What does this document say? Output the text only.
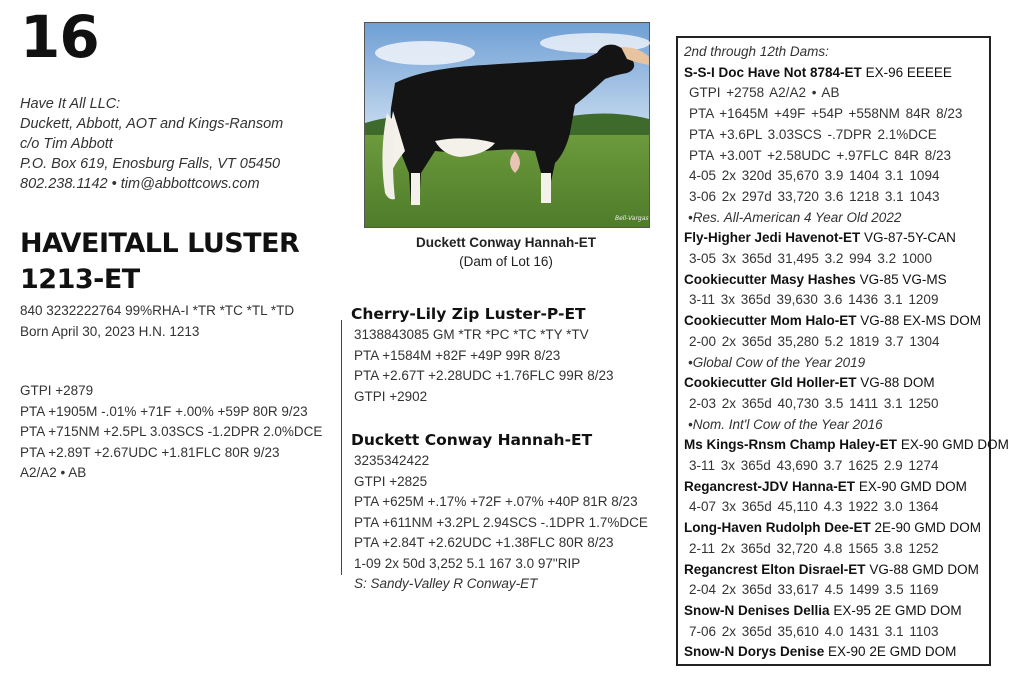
16
Have It All LLC:
Duckett, Abbott, AOT and Kings-Ransom
c/o Tim Abbott
P.O. Box 619, Enosburg Falls, VT 05450
802.238.1142 • tim@abbottcows.com
HAVEITALL LUSTER
1213-ET
840 3232222764 99%RHA-I *TR *TC *TL *TD
Born April 30, 2023 H.N. 1213
GTPI +2879
PTA +1905M -.01% +71F +.00% +59P 80R 9/23
PTA +715NM +2.5PL 3.03SCS -1.2DPR 2.0%DCE
PTA +2.89T +2.67UDC +1.81FLC 80R 9/23
A2/A2 • AB
Bell-Vargas
Duckett Conway Hannah-ET
(Dam of Lot 16)
Cherry-Lily Zip Luster-P-ET
3138843085 GM *TR *PC *TC *TY *TV
PTA +1584M +82F +49P 99R 8/23
PTA +2.67T +2.28UDC +1.76FLC 99R 8/23
GTPI +2902
Duckett Conway Hannah-ET
3235342422
GTPI +2825
PTA +625M +.17% +72F +.07% +40P 81R 8/23
PTA +611NM +3.2PL 2.94SCS -.1DPR 1.7%DCE
PTA +2.84T +2.62UDC +1.38FLC 80R 8/23
1-09 2x 50d 3,252 5.1 167 3.0 97"RIP
S: Sandy-Valley R Conway-ET
2nd through 12th Dams:
S-S-I Doc Have Not 8784-ET EX-96 EEEEE
GTPI +2758 A2/A2 • AB
PTA +1645M +49F +54P +558NM 84R 8/23
PTA +3.6PL 3.03SCS -.7DPR 2.1%DCE
PTA +3.00T +2.58UDC +.97FLC 84R 8/23
4-05 2x 320d 35,670 3.9 1404 3.1 1094
3-06 2x 297d 33,720 3.6 1218 3.1 1043
•Res. All-American 4 Year Old 2022
Fly-Higher Jedi Havenot-ET VG-87-5Y-CAN
3-05 3x 365d 31,495 3.2 994 3.2 1000
Cookiecutter Masy Hashes VG-85 VG-MS
3-11 3x 365d 39,630 3.6 1436 3.1 1209
Cookiecutter Mom Halo-ET VG-88 EX-MS DOM
2-00 2x 365d 35,280 5.2 1819 3.7 1304
•Global Cow of the Year 2019
Cookiecutter Gld Holler-ET VG-88 DOM
2-03 2x 365d 40,730 3.5 1411 3.1 1250
•Nom. Int'l Cow of the Year 2016
Ms Kings-Rnsm Champ Haley-ET EX-90 GMD DOM
3-11 3x 365d 43,690 3.7 1625 2.9 1274
Regancrest-JDV Hanna-ET EX-90 GMD DOM
4-07 3x 365d 45,110 4.3 1922 3.0 1364
Long-Haven Rudolph Dee-ET 2E-90 GMD DOM
2-11 2x 365d 32,720 4.8 1565 3.8 1252
Regancrest Elton Disrael-ET VG-88 GMD DOM
2-04 2x 365d 33,617 4.5 1499 3.5 1169
Snow-N Denises Dellia EX-95 2E GMD DOM
7-06 2x 365d 35,610 4.0 1431 3.1 1103
Snow-N Dorys Denise EX-90 2E GMD DOM
